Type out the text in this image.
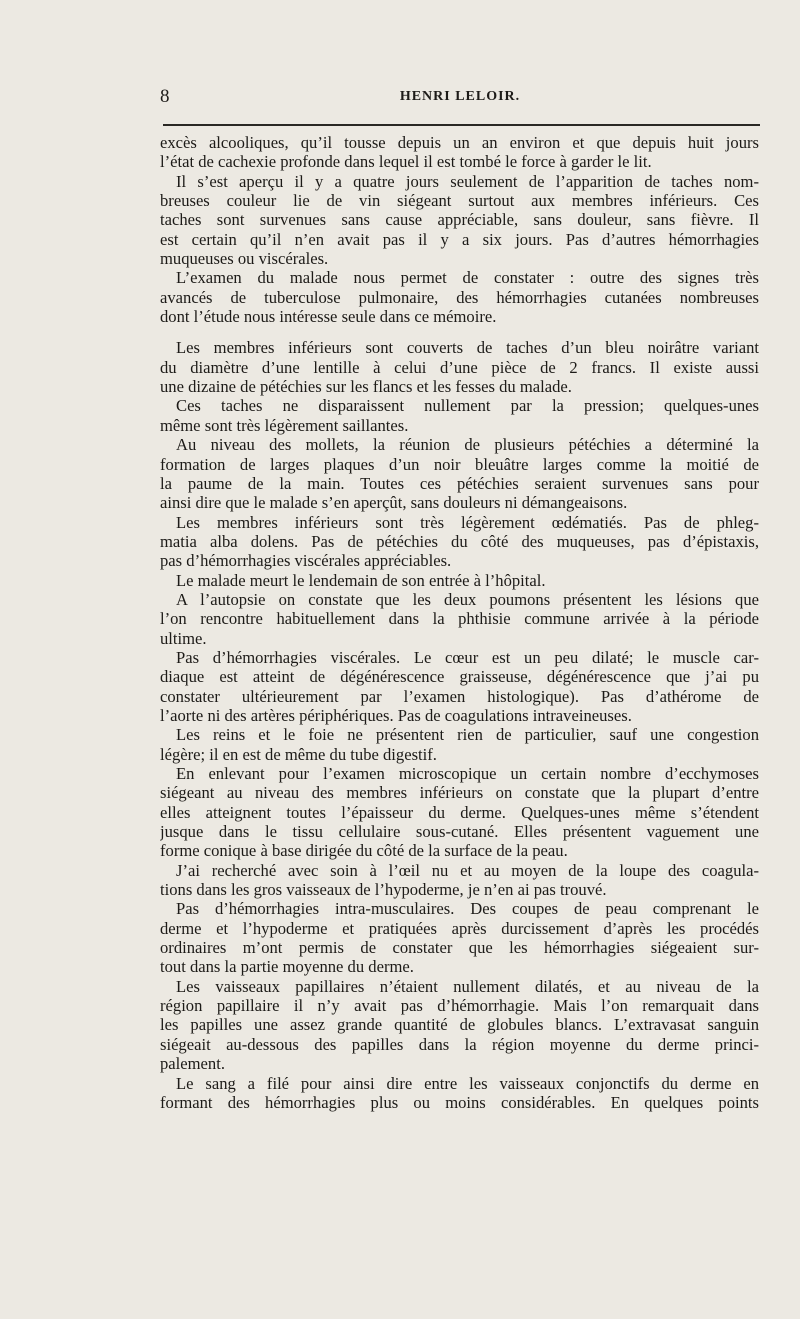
8	HENRI LELOIR.
excès alcooliques, qu’il tousse depuis un an environ et que depuis huit jours
l’état de cachexie profonde dans lequel il est tombé le force à garder le lit.
Il s’est aperçu il y a quatre jours seulement de l’apparition de taches nom-
breuses couleur lie de vin siégeant surtout aux membres inférieurs. Ces
taches sont survenues sans cause appréciable, sans douleur, sans fièvre. Il
est certain qu’il n’en avait pas il y a six jours. Pas d’autres hémorrhagies
muqueuses ou viscérales.
L’examen du malade nous permet de constater : outre des signes très
avancés de tuberculose pulmonaire, des hémorrhagies cutanées nombreuses
dont l’étude nous intéresse seule dans ce mémoire.
Les membres inférieurs sont couverts de taches d’un bleu noirâtre variant
du diamètre d’une lentille à celui d’une pièce de 2 francs. Il existe aussi
une dizaine de pétéchies sur les flancs et les fesses du malade.
Ces taches ne disparaissent nullement par la pression; quelques-unes
même sont très légèrement saillantes.
Au niveau des mollets, la réunion de plusieurs pétéchies a déterminé la
formation de larges plaques d’un noir bleuâtre larges comme la moitié de
la paume de la main. Toutes ces pétéchies seraient survenues sans pour
ainsi dire que le malade s’en aperçût, sans douleurs ni démangeaisons.
Les membres inférieurs sont très légèrement œdématiés. Pas de phleg-
matia alba dolens. Pas de pétéchies du côté des muqueuses, pas d’épistaxis,
pas d’hémorrhagies viscérales appréciables.
Le malade meurt le lendemain de son entrée à l’hôpital.
A l’autopsie on constate que les deux poumons présentent les lésions que
l’on rencontre habituellement dans la phthisie commune arrivée à la période
ultime.
Pas d’hémorrhagies viscérales. Le cœur est un peu dilaté; le muscle car-
diaque est atteint de dégénérescence graisseuse, dégénérescence que j’ai pu
constater ultérieurement par l’examen histologique). Pas d’athérome de
l’aorte ni des artères périphériques. Pas de coagulations intraveineuses.
Les reins et le foie ne présentent rien de particulier, sauf une congestion
légère; il en est de même du tube digestif.
En enlevant pour l’examen microscopique un certain nombre d’ecchymoses
siégeant au niveau des membres inférieurs on constate que la plupart d’entre
elles atteignent toutes l’épaisseur du derme. Quelques-unes même s’étendent
jusque dans le tissu cellulaire sous-cutané. Elles présentent vaguement une
forme conique à base dirigée du côté de la surface de la peau.
J’ai recherché avec soin à l’œil nu et au moyen de la loupe des coagula-
tions dans les gros vaisseaux de l’hypoderme, je n’en ai pas trouvé.
Pas d’hémorrhagies intra-musculaires. Des coupes de peau comprenant le
derme et l’hypoderme et pratiquées après durcissement d’après les procédés
ordinaires m’ont permis de constater que les hémorrhagies siégeaient sur-
tout dans la partie moyenne du derme.
Les vaisseaux papillaires n’étaient nullement dilatés, et au niveau de la
région papillaire il n’y avait pas d’hémorrhagie. Mais l’on remarquait dans
les papilles une assez grande quantité de globules blancs. L’extravasat sanguin
siégeait au-dessous des papilles dans la région moyenne du derme princi-
palement.
Le sang a filé pour ainsi dire entre les vaisseaux conjonctifs du derme en
formant des hémorrhagies plus ou moins considérables. En quelques points
